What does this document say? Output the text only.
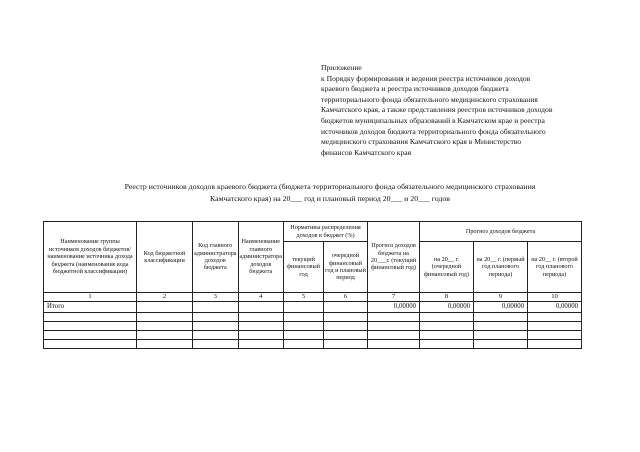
Приложение
к Порядку формирования и ведения реестра источников доходов
краевого бюджета и реестра источников доходов бюджета
территориального фонда обязательного медицинского страхования
Камчатского края, а также представления реестров источников доходов
бюджетов муниципальных образований в Камчатском крае и реестра
источников доходов бюджета территориального фонда обязательного
медицинского страхования Камчатского края в Министерство
финансов Камчатского края
Реестр источников доходов краевого бюджета (бюджета территориального фонда обязательного медицинского страхования
Камчатского края) на 20___ год и плановый период 20___ и 20___ годов
Наименование группы источников доходов бюджетов/наименование источника дохода бюджета (наименование кода бюджетной классификации)	Код бюджетной классификации	Код главного администратора доходов бюджета	Наименование главного администратора доходов бюджета	Нормативы распределения доходов в бюджет (%)		Прогноз доходов бюджета на 20___г. (текущий финансовый год)	Прогноз доходов бюджета		
				текущий финансовый год	очередной финансовый год и плановый период		на 20__ г. (очередной финансовый год)	на 20__ г. (первый год планового периода)	на 20__ г. (второй год планового периода)
1	2	3	4	5	6	7	8	9	10
Итого						0,00000	0,00000	0,00000	0,00000
